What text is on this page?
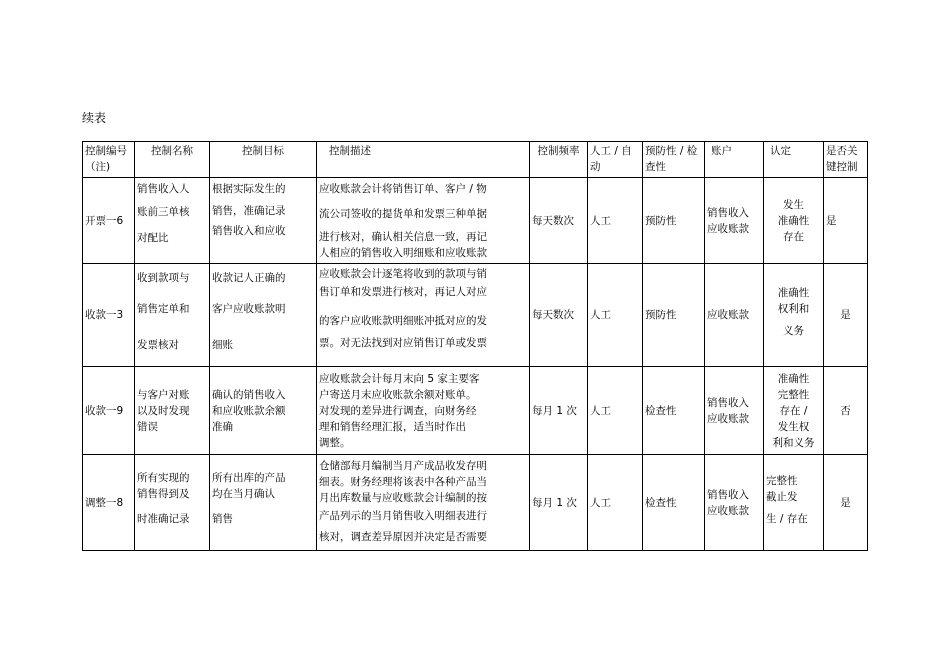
续表
控制编号（注)	控制名称	控制目标	控制描述	控制频率	人工 / 自动	预防性 / 检查性	账户	认定	是否关键控制
开票一6	销售收入人
账前三单核
对配比	根据实际发生的
销售，准确记录
销售收入和应收	应收账款会计将销售订单、客户 / 物
流公司签收的提货单和发票三种单据
进行核对，确认相关信息一致，再记
人相应的销售收入明细账和应收账款	每天数次	人工	预防性	销售收入
应收账款	发生
准确性
存在	是
收款一3	收到款项与
销售定单和
发票核对	收款记人正确的
客户应收账款明
细账	应收账款会计逐笔将收到的款项与销
售订单和发票进行核对，再记人对应
的客户应收账款明细账冲抵对应的发
票。对无法找到对应销售订单或发票	每天数次	人工	预防性	应收账款	准确性
权利和
义务	是
收款一9	与客户对账
以及时发现
错误	确认的销售收入
和应收账款余额
准确	应收账款会计每月末向 5 家主要客
户寄送月末应收账款余额对账单。
对发现的差异进行调查，向财务经
理和销售经理汇报，适当时作出
调整。	每月 1 次	人工	检查性	销售收入
应收账款	准确性
完整性
存在 /
发生权
利和义务	否
调整一8	所有实现的
销售得到及
时准确记录	所有出库的产品
均在当月确认
销售	仓储部每月编制当月产成品收发存明
细表。财务经理将该表中各种产品当
月出库数量与应收账款会计编制的按
产品列示的当月销售收入明细表进行
核对，调查差异原因并决定是否需要	每月 1 次	人工	检查性	销售收入
应收账款	完整性
截止发
生 / 存在	是
